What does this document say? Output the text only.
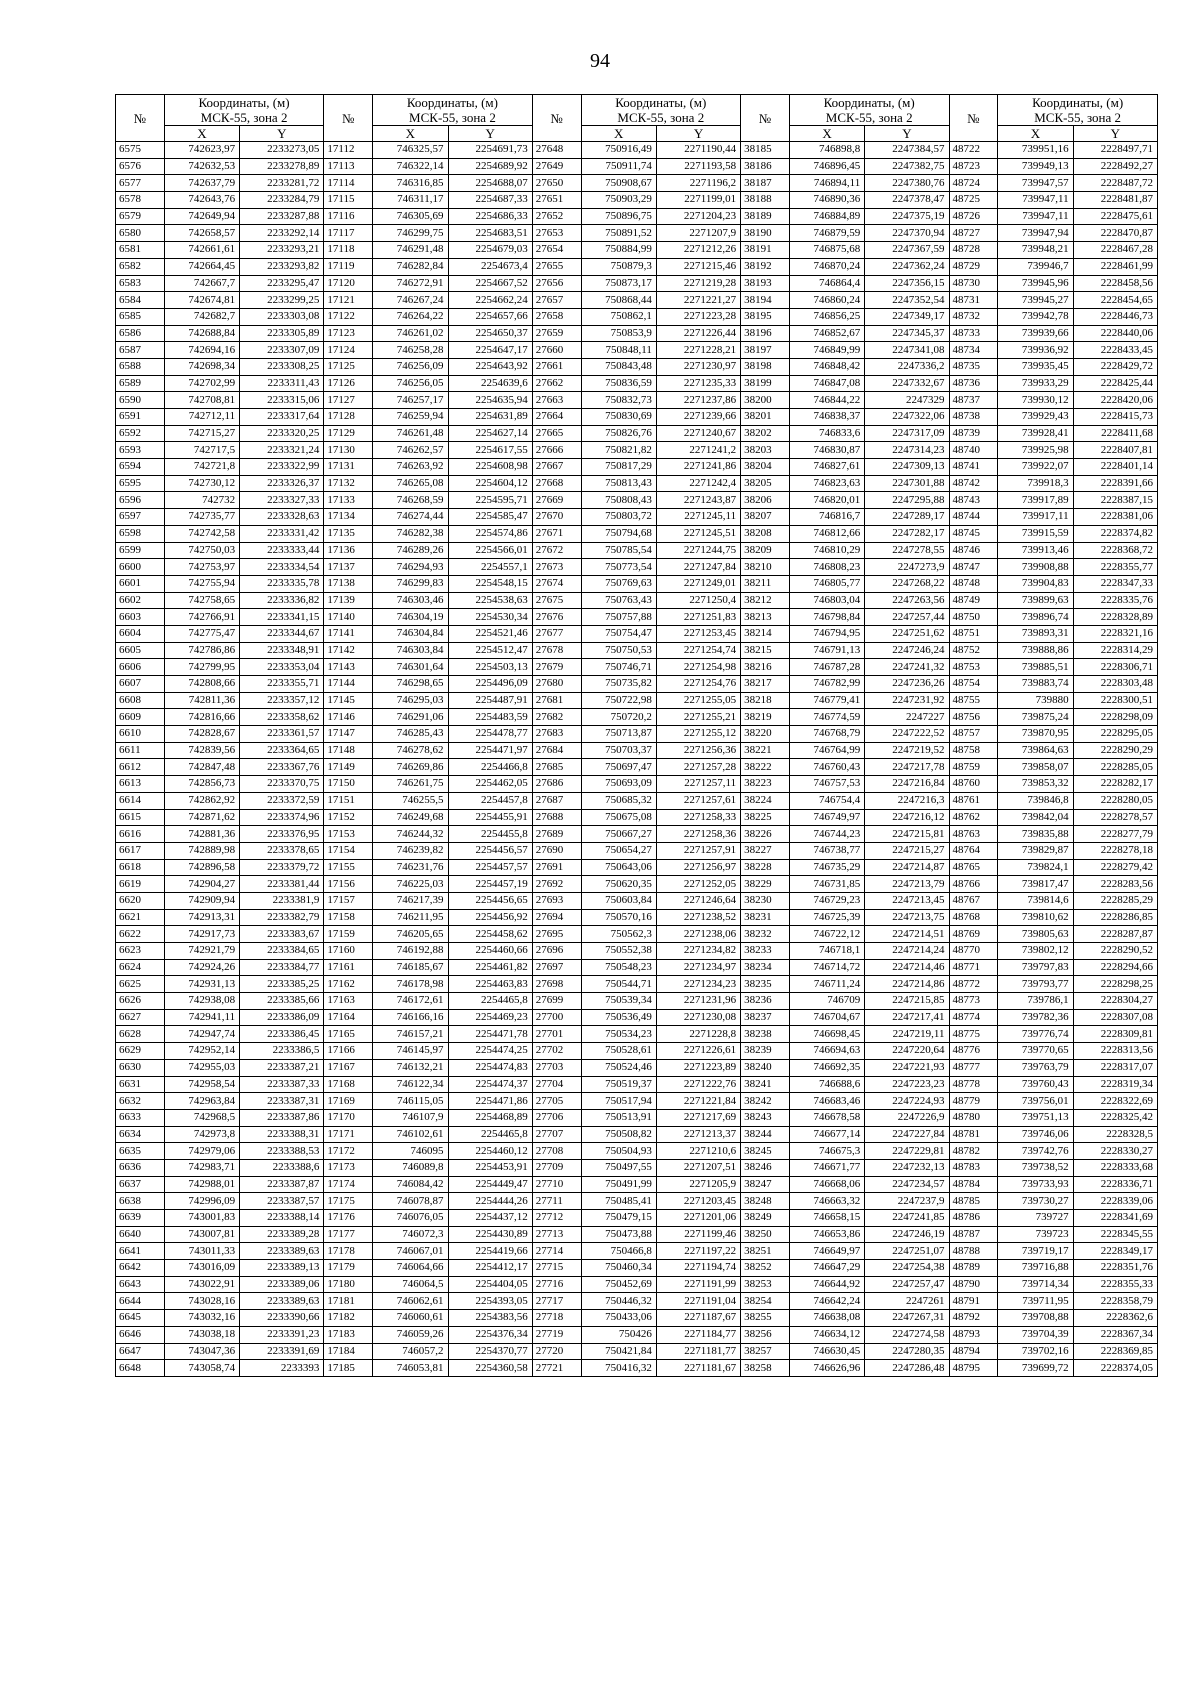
94
№	Координаты, (м)
МСК-55, зона 2		№	Координаты, (м)
МСК-55, зона 2		№	Координаты, (м)
МСК-55, зона 2		№	Координаты, (м)
МСК-55, зона 2		№	Координаты, (м)
МСК-55, зона 2	
	X	Y		X	Y		X	Y		X	Y		X	Y
6575	742623,97	2233273,05	17112	746325,57	2254691,73	27648	750916,49	2271190,44	38185	746898,8	2247384,57	48722	739951,16	2228497,71
6576	742632,53	2233278,89	17113	746322,14	2254689,92	27649	750911,74	2271193,58	38186	746896,45	2247382,75	48723	739949,13	2228492,27
6577	742637,79	2233281,72	17114	746316,85	2254688,07	27650	750908,67	2271196,2	38187	746894,11	2247380,76	48724	739947,57	2228487,72
6578	742643,76	2233284,79	17115	746311,17	2254687,33	27651	750903,29	2271199,01	38188	746890,36	2247378,47	48725	739947,11	2228481,87
6579	742649,94	2233287,88	17116	746305,69	2254686,33	27652	750896,75	2271204,23	38189	746884,89	2247375,19	48726	739947,11	2228475,61
6580	742658,57	2233292,14	17117	746299,75	2254683,51	27653	750891,52	2271207,9	38190	746879,59	2247370,94	48727	739947,94	2228470,87
6581	742661,61	2233293,21	17118	746291,48	2254679,03	27654	750884,99	2271212,26	38191	746875,68	2247367,59	48728	739948,21	2228467,28
6582	742664,45	2233293,82	17119	746282,84	2254673,4	27655	750879,3	2271215,46	38192	746870,24	2247362,24	48729	739946,7	2228461,99
6583	742667,7	2233295,47	17120	746272,91	2254667,52	27656	750873,17	2271219,28	38193	746864,4	2247356,15	48730	739945,96	2228458,56
6584	742674,81	2233299,25	17121	746267,24	2254662,24	27657	750868,44	2271221,27	38194	746860,24	2247352,54	48731	739945,27	2228454,65
6585	742682,7	2233303,08	17122	746264,22	2254657,66	27658	750862,1	2271223,28	38195	746856,25	2247349,17	48732	739942,78	2228446,73
6586	742688,84	2233305,89	17123	746261,02	2254650,37	27659	750853,9	2271226,44	38196	746852,67	2247345,37	48733	739939,66	2228440,06
6587	742694,16	2233307,09	17124	746258,28	2254647,17	27660	750848,11	2271228,21	38197	746849,99	2247341,08	48734	739936,92	2228433,45
6588	742698,34	2233308,25	17125	746256,09	2254643,92	27661	750843,48	2271230,97	38198	746848,42	2247336,2	48735	739935,45	2228429,72
6589	742702,99	2233311,43	17126	746256,05	2254639,6	27662	750836,59	2271235,33	38199	746847,08	2247332,67	48736	739933,29	2228425,44
6590	742708,81	2233315,06	17127	746257,17	2254635,94	27663	750832,73	2271237,86	38200	746844,22	2247329	48737	739930,12	2228420,06
6591	742712,11	2233317,64	17128	746259,94	2254631,89	27664	750830,69	2271239,66	38201	746838,37	2247322,06	48738	739929,43	2228415,73
6592	742715,27	2233320,25	17129	746261,48	2254627,14	27665	750826,76	2271240,67	38202	746833,6	2247317,09	48739	739928,41	2228411,68
6593	742717,5	2233321,24	17130	746262,57	2254617,55	27666	750821,82	2271241,2	38203	746830,87	2247314,23	48740	739925,98	2228407,81
6594	742721,8	2233322,99	17131	746263,92	2254608,98	27667	750817,29	2271241,86	38204	746827,61	2247309,13	48741	739922,07	2228401,14
6595	742730,12	2233326,37	17132	746265,08	2254604,12	27668	750813,43	2271242,4	38205	746823,63	2247301,88	48742	739918,3	2228391,66
6596	742732	2233327,33	17133	746268,59	2254595,71	27669	750808,43	2271243,87	38206	746820,01	2247295,88	48743	739917,89	2228387,15
6597	742735,77	2233328,63	17134	746274,44	2254585,47	27670	750803,72	2271245,11	38207	746816,7	2247289,17	48744	739917,11	2228381,06
6598	742742,58	2233331,42	17135	746282,38	2254574,86	27671	750794,68	2271245,51	38208	746812,66	2247282,17	48745	739915,59	2228374,82
6599	742750,03	2233333,44	17136	746289,26	2254566,01	27672	750785,54	2271244,75	38209	746810,29	2247278,55	48746	739913,46	2228368,72
6600	742753,97	2233334,54	17137	746294,93	2254557,1	27673	750773,54	2271247,84	38210	746808,23	2247273,9	48747	739908,88	2228355,77
6601	742755,94	2233335,78	17138	746299,83	2254548,15	27674	750769,63	2271249,01	38211	746805,77	2247268,22	48748	739904,83	2228347,33
6602	742758,65	2233336,82	17139	746303,46	2254538,63	27675	750763,43	2271250,4	38212	746803,04	2247263,56	48749	739899,63	2228335,76
6603	742766,91	2233341,15	17140	746304,19	2254530,34	27676	750757,88	2271251,83	38213	746798,84	2247257,44	48750	739896,74	2228328,89
6604	742775,47	2233344,67	17141	746304,84	2254521,46	27677	750754,47	2271253,45	38214	746794,95	2247251,62	48751	739893,31	2228321,16
6605	742786,86	2233348,91	17142	746303,84	2254512,47	27678	750750,53	2271254,74	38215	746791,13	2247246,24	48752	739888,86	2228314,29
6606	742799,95	2233353,04	17143	746301,64	2254503,13	27679	750746,71	2271254,98	38216	746787,28	2247241,32	48753	739885,51	2228306,71
6607	742808,66	2233355,71	17144	746298,65	2254496,09	27680	750735,82	2271254,76	38217	746782,99	2247236,26	48754	739883,74	2228303,48
6608	742811,36	2233357,12	17145	746295,03	2254487,91	27681	750722,98	2271255,05	38218	746779,41	2247231,92	48755	739880	2228300,51
6609	742816,66	2233358,62	17146	746291,06	2254483,59	27682	750720,2	2271255,21	38219	746774,59	2247227	48756	739875,24	2228298,09
6610	742828,67	2233361,57	17147	746285,43	2254478,77	27683	750713,87	2271255,12	38220	746768,79	2247222,52	48757	739870,95	2228295,05
6611	742839,56	2233364,65	17148	746278,62	2254471,97	27684	750703,37	2271256,36	38221	746764,99	2247219,52	48758	739864,63	2228290,29
6612	742847,48	2233367,76	17149	746269,86	2254466,8	27685	750697,47	2271257,28	38222	746760,43	2247217,78	48759	739858,07	2228285,05
6613	742856,73	2233370,75	17150	746261,75	2254462,05	27686	750693,09	2271257,11	38223	746757,53	2247216,84	48760	739853,32	2228282,17
6614	742862,92	2233372,59	17151	746255,5	2254457,8	27687	750685,32	2271257,61	38224	746754,4	2247216,3	48761	739846,8	2228280,05
6615	742871,62	2233374,96	17152	746249,68	2254455,91	27688	750675,08	2271258,33	38225	746749,97	2247216,12	48762	739842,04	2228278,57
6616	742881,36	2233376,95	17153	746244,32	2254455,8	27689	750667,27	2271258,36	38226	746744,23	2247215,81	48763	739835,88	2228277,79
6617	742889,98	2233378,65	17154	746239,82	2254456,57	27690	750654,27	2271257,91	38227	746738,77	2247215,27	48764	739829,87	2228278,18
6618	742896,58	2233379,72	17155	746231,76	2254457,57	27691	750643,06	2271256,97	38228	746735,29	2247214,87	48765	739824,1	2228279,42
6619	742904,27	2233381,44	17156	746225,03	2254457,19	27692	750620,35	2271252,05	38229	746731,85	2247213,79	48766	739817,47	2228283,56
6620	742909,94	2233381,9	17157	746217,39	2254456,65	27693	750603,84	2271246,64	38230	746729,23	2247213,45	48767	739814,6	2228285,29
6621	742913,31	2233382,79	17158	746211,95	2254456,92	27694	750570,16	2271238,52	38231	746725,39	2247213,75	48768	739810,62	2228286,85
6622	742917,73	2233383,67	17159	746205,65	2254458,62	27695	750562,3	2271238,06	38232	746722,12	2247214,51	48769	739805,63	2228287,87
6623	742921,79	2233384,65	17160	746192,88	2254460,66	27696	750552,38	2271234,82	38233	746718,1	2247214,24	48770	739802,12	2228290,52
6624	742924,26	2233384,77	17161	746185,67	2254461,82	27697	750548,23	2271234,97	38234	746714,72	2247214,46	48771	739797,83	2228294,66
6625	742931,13	2233385,25	17162	746178,98	2254463,83	27698	750544,71	2271234,23	38235	746711,24	2247214,86	48772	739793,77	2228298,25
6626	742938,08	2233385,66	17163	746172,61	2254465,8	27699	750539,34	2271231,96	38236	746709	2247215,85	48773	739786,1	2228304,27
6627	742941,11	2233386,09	17164	746166,16	2254469,23	27700	750536,49	2271230,08	38237	746704,67	2247217,41	48774	739782,36	2228307,08
6628	742947,74	2233386,45	17165	746157,21	2254471,78	27701	750534,23	2271228,8	38238	746698,45	2247219,11	48775	739776,74	2228309,81
6629	742952,14	2233386,5	17166	746145,97	2254474,25	27702	750528,61	2271226,61	38239	746694,63	2247220,64	48776	739770,65	2228313,56
6630	742955,03	2233387,21	17167	746132,21	2254474,83	27703	750524,46	2271223,89	38240	746692,35	2247221,93	48777	739763,79	2228317,07
6631	742958,54	2233387,33	17168	746122,34	2254474,37	27704	750519,37	2271222,76	38241	746688,6	2247223,23	48778	739760,43	2228319,34
6632	742963,84	2233387,31	17169	746115,05	2254471,86	27705	750517,94	2271221,84	38242	746683,46	2247224,93	48779	739756,01	2228322,69
6633	742968,5	2233387,86	17170	746107,9	2254468,89	27706	750513,91	2271217,69	38243	746678,58	2247226,9	48780	739751,13	2228325,42
6634	742973,8	2233388,31	17171	746102,61	2254465,8	27707	750508,82	2271213,37	38244	746677,14	2247227,84	48781	739746,06	2228328,5
6635	742979,06	2233388,53	17172	746095	2254460,12	27708	750504,93	2271210,6	38245	746675,3	2247229,81	48782	739742,76	2228330,27
6636	742983,71	2233388,6	17173	746089,8	2254453,91	27709	750497,55	2271207,51	38246	746671,77	2247232,13	48783	739738,52	2228333,68
6637	742988,01	2233387,87	17174	746084,42	2254449,47	27710	750491,99	2271205,9	38247	746668,06	2247234,57	48784	739733,93	2228336,71
6638	742996,09	2233387,57	17175	746078,87	2254444,26	27711	750485,41	2271203,45	38248	746663,32	2247237,9	48785	739730,27	2228339,06
6639	743001,83	2233388,14	17176	746076,05	2254437,12	27712	750479,15	2271201,06	38249	746658,15	2247241,85	48786	739727	2228341,69
6640	743007,81	2233389,28	17177	746072,3	2254430,89	27713	750473,88	2271199,46	38250	746653,86	2247246,19	48787	739723	2228345,55
6641	743011,33	2233389,63	17178	746067,01	2254419,66	27714	750466,8	2271197,22	38251	746649,97	2247251,07	48788	739719,17	2228349,17
6642	743016,09	2233389,13	17179	746064,66	2254412,17	27715	750460,34	2271194,74	38252	746647,29	2247254,38	48789	739716,88	2228351,76
6643	743022,91	2233389,06	17180	746064,5	2254404,05	27716	750452,69	2271191,99	38253	746644,92	2247257,47	48790	739714,34	2228355,33
6644	743028,16	2233389,63	17181	746062,61	2254393,05	27717	750446,32	2271191,04	38254	746642,24	2247261	48791	739711,95	2228358,79
6645	743032,16	2233390,66	17182	746060,61	2254383,56	27718	750433,06	2271187,67	38255	746638,08	2247267,31	48792	739708,88	2228362,6
6646	743038,18	2233391,23	17183	746059,26	2254376,34	27719	750426	2271184,77	38256	746634,12	2247274,58	48793	739704,39	2228367,34
6647	743047,36	2233391,69	17184	746057,2	2254370,77	27720	750421,84	2271181,77	38257	746630,45	2247280,35	48794	739702,16	2228369,85
6648	743058,74	2233393	17185	746053,81	2254360,58	27721	750416,32	2271181,67	38258	746626,96	2247286,48	48795	739699,72	2228374,05
